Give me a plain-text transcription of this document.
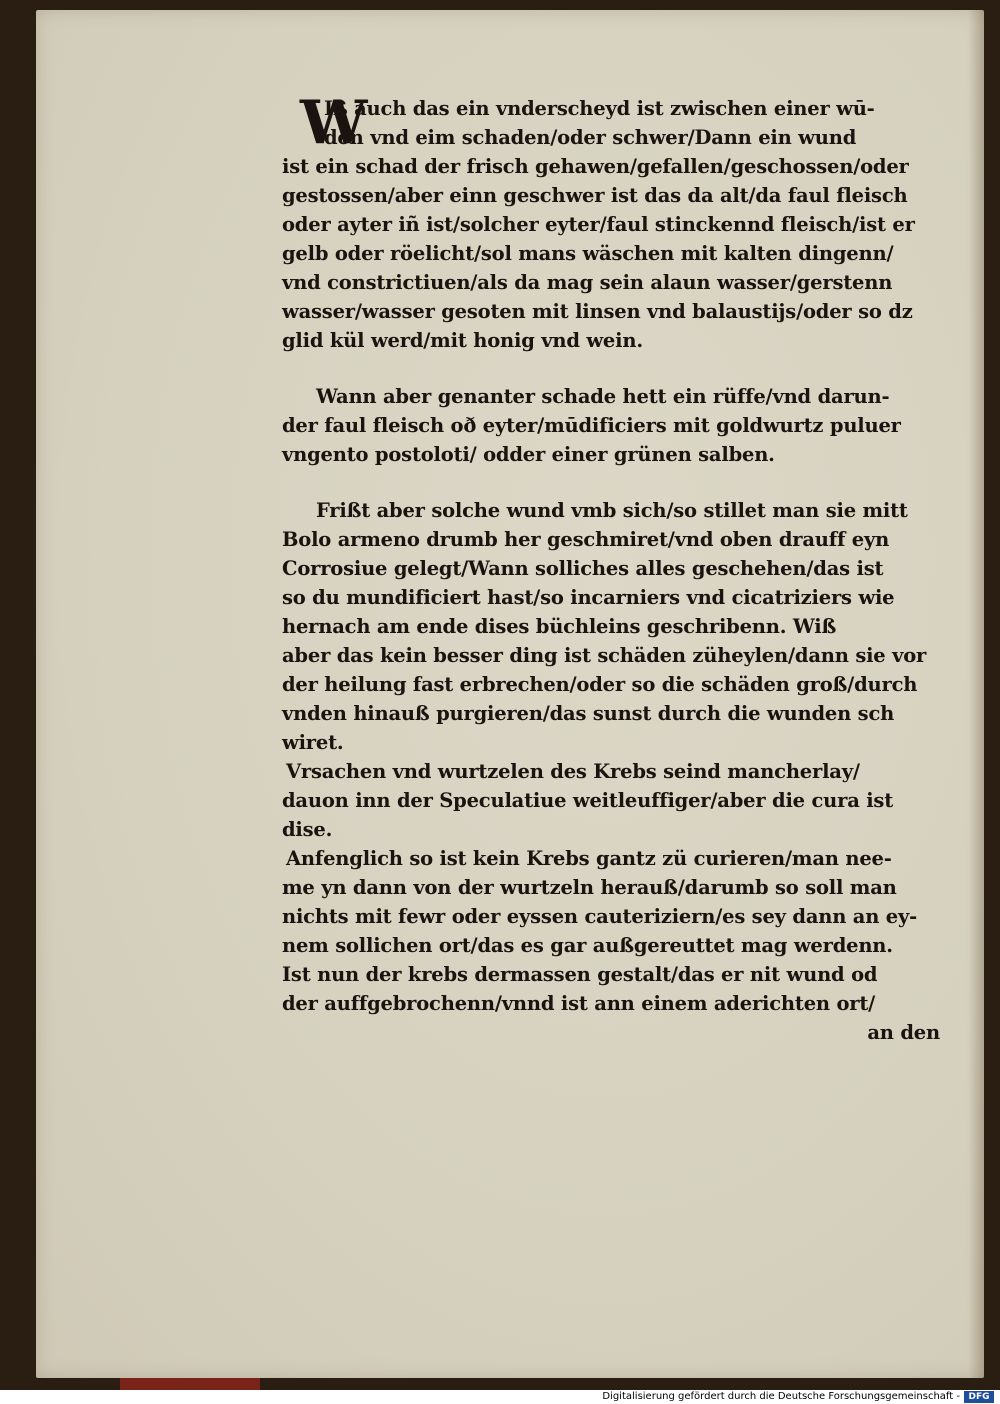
W
Iß auch das ein vnderscheyd ist zwischen einer wū-
den vnd eim schaden/oder schwer/Dann ein wund
ist ein schad der frisch gehawen/gefallen/geschossen/oder
gestossen/aber einn geschwer ist das da alt/da faul fleisch
oder ayter iñ ist/solcher eyter/faul stinckennd fleisch/ist er
gelb oder röelicht/sol mans wäschen mit kalten dingenn/
vnd constrictiuen/als da mag sein alaun wasser/gerstenn
wasser/wasser gesoten mit linsen vnd balaustijs/oder so dz
glid kül werd/mit honig vnd wein.
Wann aber genanter schade hett ein rüffe/vnd darun-
der faul fleisch oð eyter/mūdificiers mit goldwurtz puluer
vngento postoloti/ odder einer grünen salben.
Frißt aber solche wund vmb sich/so stillet man sie mitt
Bolo armeno drumb her geschmiret/vnd oben drauff eyn
Corrosiue gelegt/Wann solliches alles geschehen/das ist
so du mundificiert hast/so incarniers vnd cicatriziers wie
hernach am ende dises büchleins geschribenn. Wiß
aber das kein besser ding ist schäden züheylen/dann sie vor
der heilung fast erbrechen/oder so die schäden groß/durch
vnden hinauß purgieren/das sunst durch die wunden sch
wiret.
Vrsachen vnd wurtzelen des Krebs seind mancherlay/
dauon inn der Speculatiue weitleuffiger/aber die cura ist
dise.
Anfenglich so ist kein Krebs gantz zü curieren/man nee-
me yn dann von der wurtzeln herauß/darumb so soll man
nichts mit fewr oder eyssen cauteriziern/es sey dann an ey-
nem sollichen ort/das es gar außgereuttet mag werdenn.
Ist nun der krebs dermassen gestalt/das er nit wund od
der auffgebrochenn/vnnd ist ann einem aderichten ort/
an den
Digitalisierung gefördert durch die Deutsche Forschungsgemeinschaft - DFG
